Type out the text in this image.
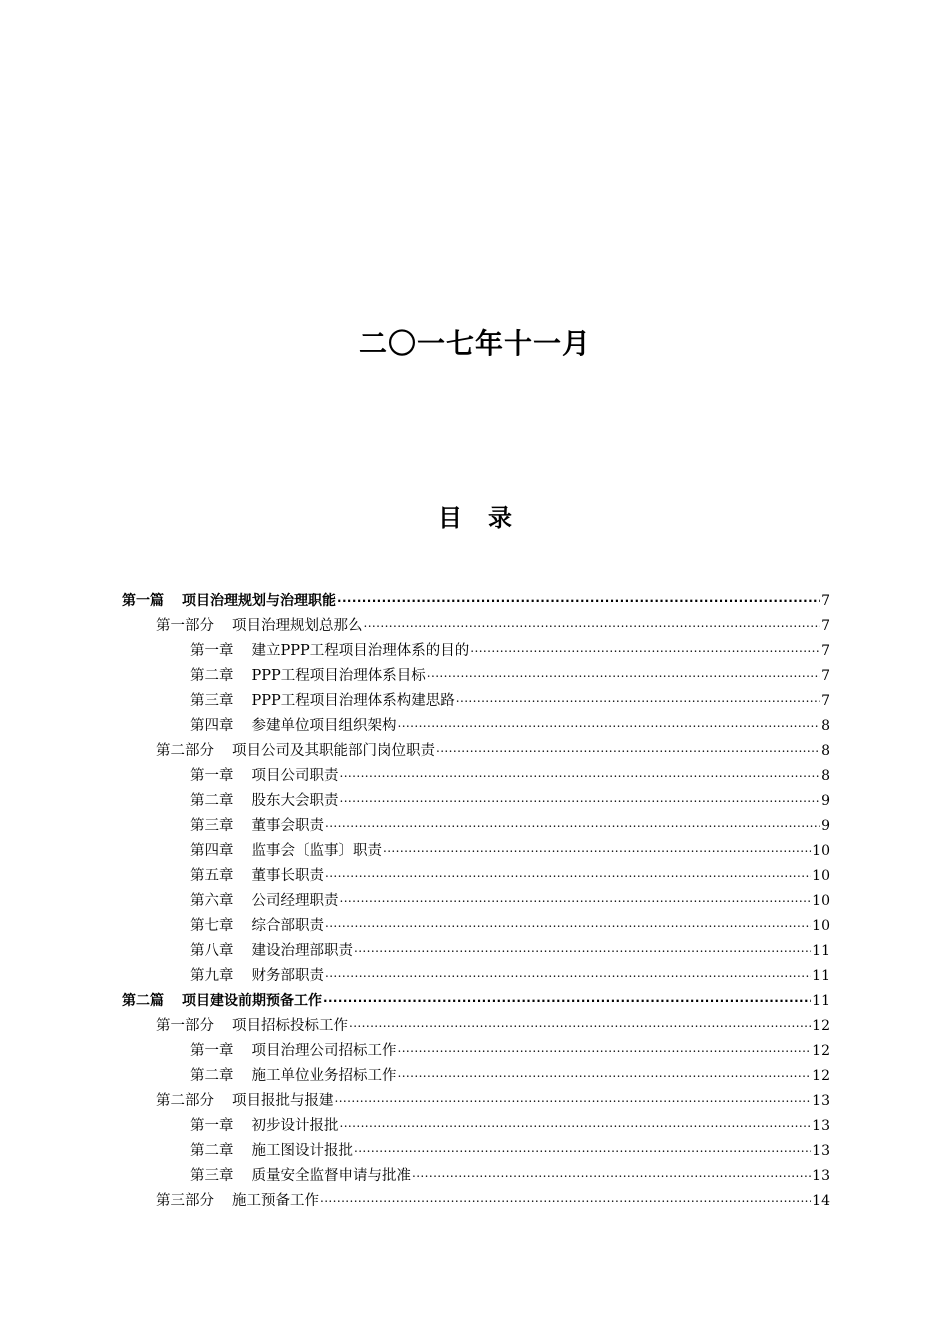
二〇一七年十一月
目录
第一篇 项目治理规划与治理职能 .....	7
第一部分 项目治理规划总那么 .....	7
第一章 建立PPP工程项目治理体系的目的 .....	7
第二章 PPP工程项目治理体系目标 .....	7
第三章 PPP工程项目治理体系构建思路 .....	7
第四章 参建单位项目组织架构 .....	8
第二部分 项目公司及其职能部门岗位职责 .....	8
第一章 项目公司职责 .....	8
第二章 股东大会职责 .....	9
第三章 董事会职责 .....	9
第四章 监事会〔监事〕职责 .....	10
第五章 董事长职责 .....	10
第六章 公司经理职责 .....	10
第七章 综合部职责 .....	10
第八章 建设治理部职责 .....	11
第九章 财务部职责 .....	11
第二篇 项目建设前期预备工作 .....	11
第一部分 项目招标投标工作 .....	12
第一章 项目治理公司招标工作 .....	12
第二章 施工单位业务招标工作 .....	12
第二部分 项目报批与报建 .....	13
第一章 初步设计报批 .....	13
第二章 施工图设计报批 .....	13
第三章 质量安全监督申请与批准 .....	13
第三部分 施工预备工作 .....	14
